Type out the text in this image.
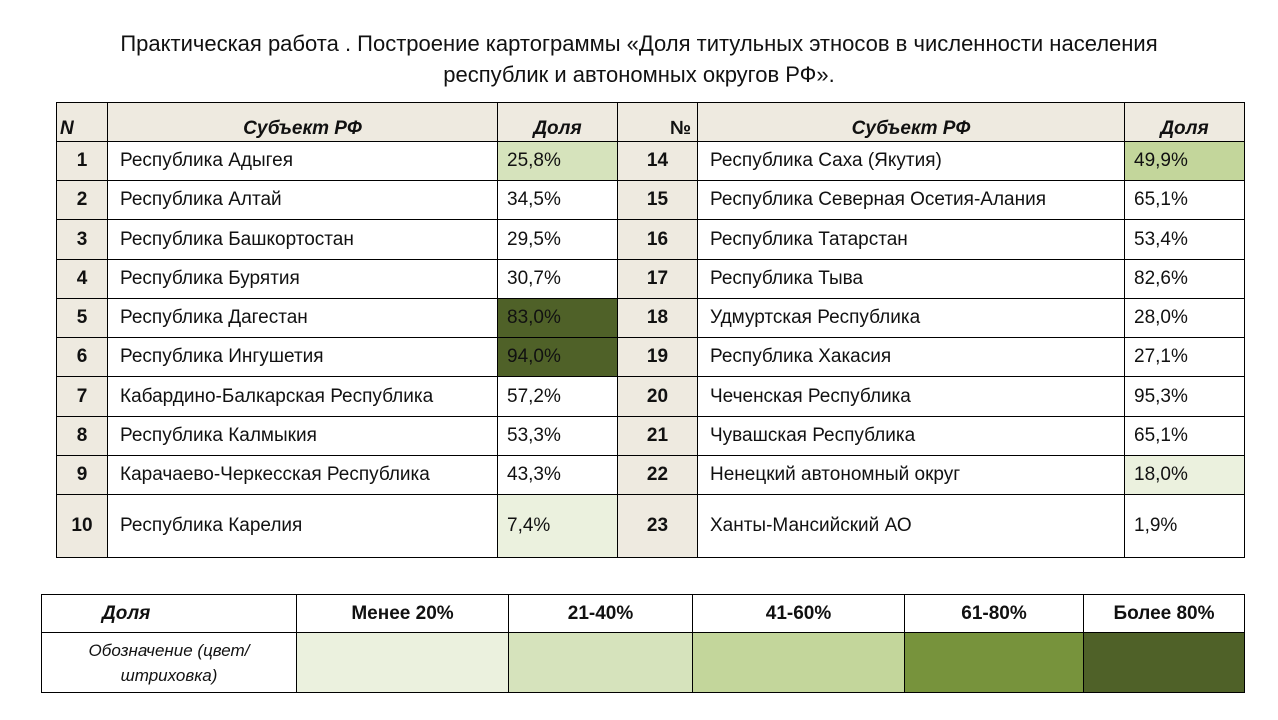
Практическая работа . Построение картограммы «Доля титульных этносов в численности населения
республик и автономных округов РФ».
N	Субъект РФ	Доля	№	Субъект РФ	Доля
1	Республика Адыгея	25,8%	14	Республика Саха (Якутия)	49,9%
2	Республика Алтай	34,5%	15	Республика Северная Осетия-Алания	65,1%
3	Республика Башкортостан	29,5%	16	Республика Татарстан	53,4%
4	Республика Бурятия	30,7%	17	Республика Тыва	82,6%
5	Республика Дагестан	83,0%	18	Удмуртская Республика	28,0%
6	Республика Ингушетия	94,0%	19	Республика Хакасия	27,1%
7	Кабардино-Балкарская Республика	57,2%	20	Чеченская Республика	95,3%
8	Республика Калмыкия	53,3%	21	Чувашская Республика	65,1%
9	Карачаево-Черкесская Республика	43,3%	22	Ненецкий автономный округ	18,0%
10	Республика Карелия	7,4%	23	Ханты-Мансийский АО	1,9%
Доля	Менее 20%	21-40%	41-60%	61-80%	Более 80%
Обозначение (цвет/штриховка)					
